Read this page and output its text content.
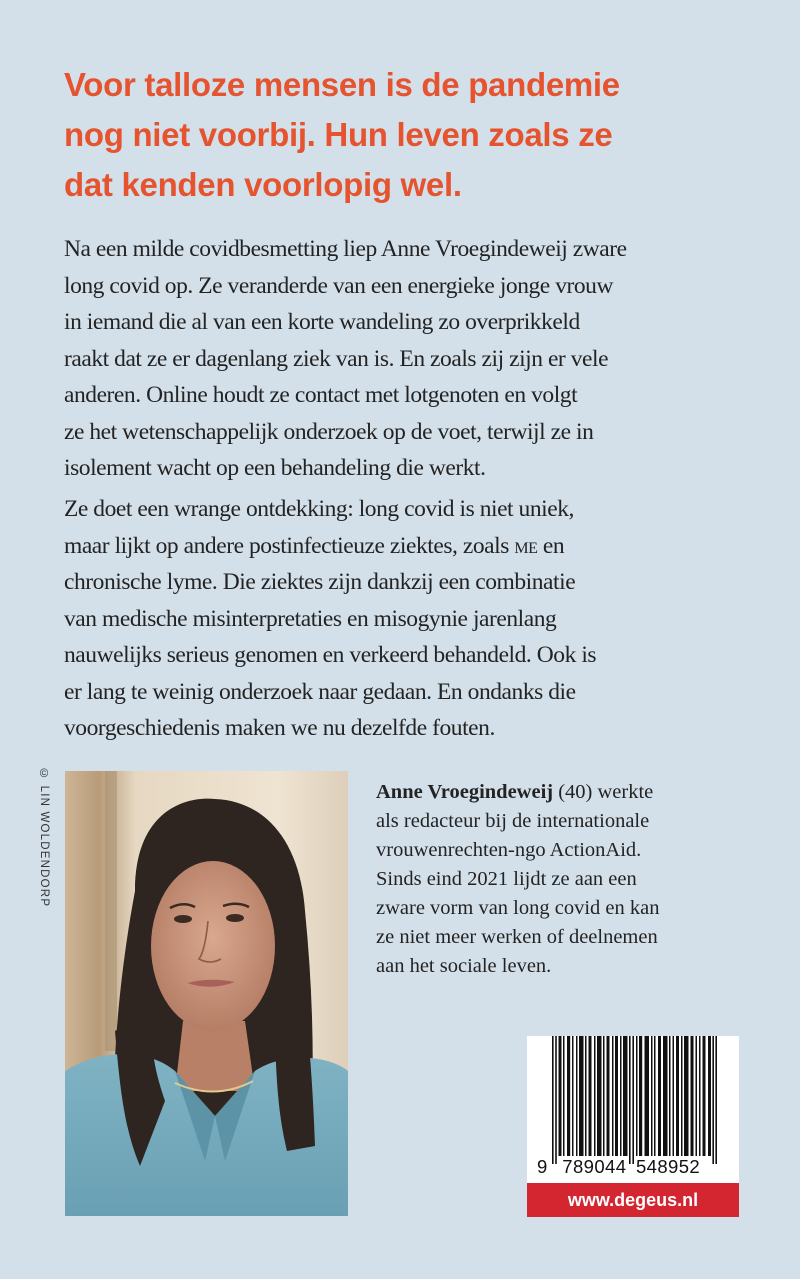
Voor talloze mensen is de pandemie
nog niet voorbij. Hun leven zoals ze
dat kenden voorlopig wel.

Na een milde covidbesmetting liep Anne Vroegindeweij zware
long covid op. Ze veranderde van een energieke jonge vrouw
in iemand die al van een korte wandeling zo overprikkeld
raakt dat ze er dagenlang ziek van is. En zoals zij zijn er vele
anderen. Online houdt ze contact met lotgenoten en volgt
ze het wetenschappelijk onderzoek op de voet, terwijl ze in
isolement wacht op een behandeling die werkt.

Ze doet een wrange ontdekking: long covid is niet uniek,
maar lijkt op andere postinfectieuze ziektes, zoals me en
chronische lyme. Die ziektes zijn dankzij een combinatie
van medische misinterpretaties en misogynie jarenlang
nauwelijks serieus genomen en verkeerd behandeld. Ook is
er lang te weinig onderzoek naar gedaan. En ondanks die
voorgeschiedenis maken we nu dezelfde fouten.

© LIN WOLDENDORP	Anne Vroegindeweij (40) werkte
als redacteur bij de internationale
vrouwenrechten-ngo ActionAid.
Sinds eind 2021 lijdt ze aan een
zware vorm van long covid en kan
ze niet meer werken of deelnemen
aan het sociale leven.

9 789044 548952
www.degeus.nl
